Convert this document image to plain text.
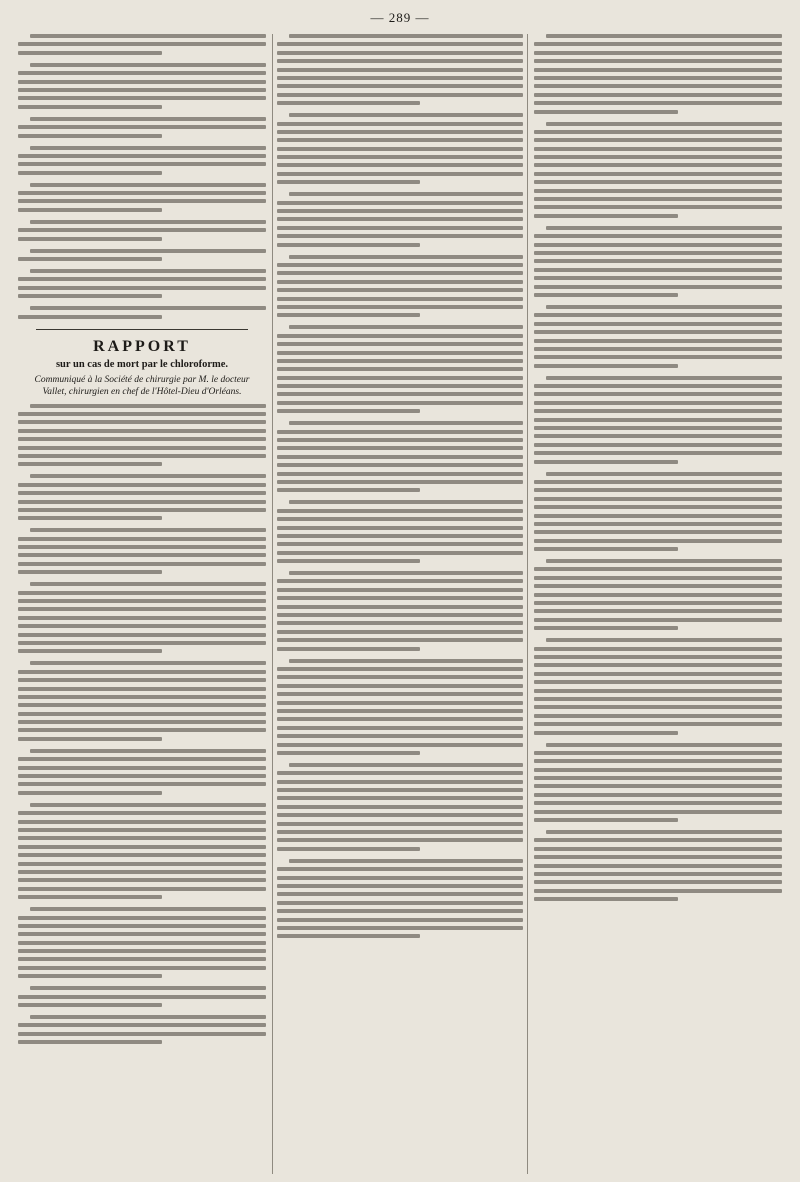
— 289 —
RAPPORT
sur un cas de mort par le chloroforme.
Communiqué à la Société de chirurgie par M. le docteur Vallet, chirurgien en chef de l'Hôtel-Dieu d'Orléans.
